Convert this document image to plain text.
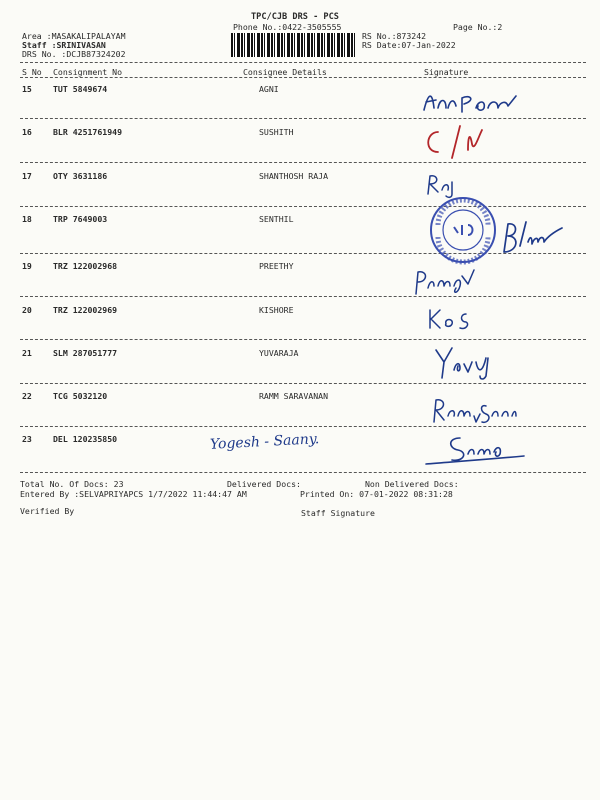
TPC/CJB DRS - PCS
Phone No.:0422-3505555	Page No.:2
Area :MASAKALIPALAYAM
Staff :SRINIVASAN
DRS No. :DCJB87324202
RS No.:873242
RS Date:07-Jan-2022
S No Consignment No	Consignee Details	Signature
15	TUT 5849674	AGNI
16	BLR 4251761949	SUSHITH
17	OTY 3631186	SHANTHOSH RAJA
18	TRP 7649003	SENTHIL
19	TRZ 122002968	PREETHY
20	TRZ 122002969	KISHORE
21	SLM 287051777	YUVARAJA
22	TCG 5032120	RAMM SARAVANAN
23	DEL 120235850	Yogesh - Saany.
Total No. Of Docs: 23	Delivered Docs:	Non Delivered Docs:
Entered By :SELVAPRIYAPCS 1/7/2022 11:44:47 AM	Printed On: 07-01-2022 08:31:28
Verified By	Staff Signature
